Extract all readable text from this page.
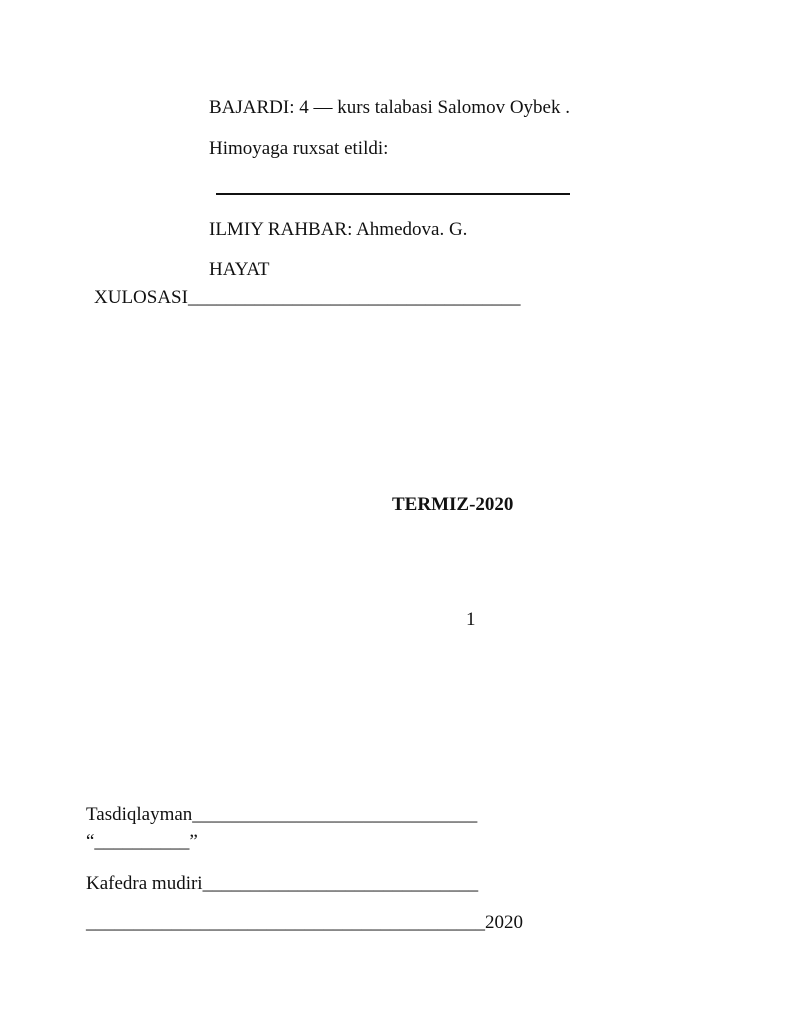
BAJARDI: 4 — kurs talabasi Salomov Oybek .
Himoyaga ruxsat etildi:
ILMIY RAHBAR: Ahmedova. G.
HAYAT
XULOSASI___________________________________
TERMIZ-2020
1
Tasdiqlayman______________________________
“__________”
Kafedra mudiri_____________________________
__________________________________________2020
